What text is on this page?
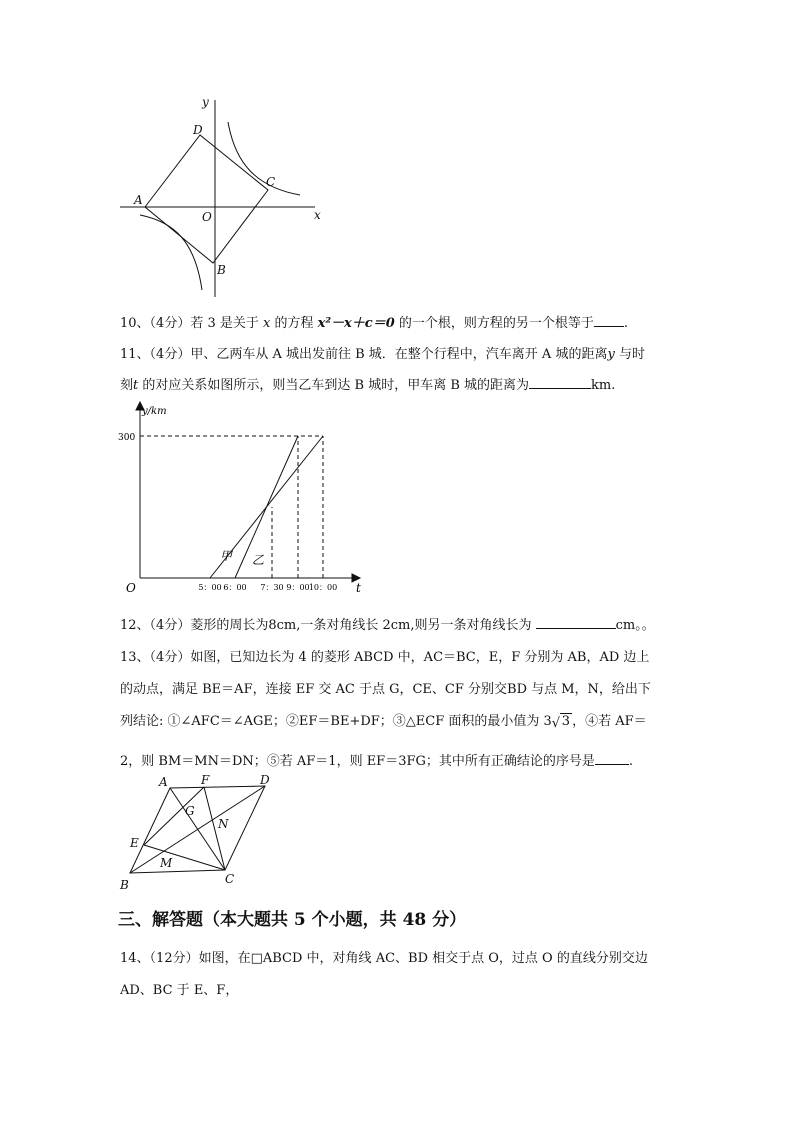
y
x
O
A
B
C
D
10、（4分）若 3 是关于 x 的方程 x²－x＋c＝0 的一个根，则方程的另一个根等于 .
11、（4分）甲、乙两车从 A 城出发前往 B 城．在整个行程中，汽车离开 A 城的距离y 与时
刻t 的对应关系如图所示，则当乙车到达 B 城时，甲车离 B 城的距离为	km.
5：00 6：00 7：30 9：00 10：00
y/km
t
O
300
甲 乙
12、（4分）菱形的周长为8cm,一条对角线长 2cm,则另一条对角线长为	cm。。
13、（4分）如图，已知边长为 4 的菱形 ABCD 中，AC＝BC，E，F 分别为 AB，AD 边上
的动点，满足 BE＝AF，连接 EF 交 AC 于点 G，CE、CF 分别交BD 与点 M，N，给出下
列结论: ①∠AFC＝∠AGE；②EF＝BE+DF；③△ECF 面积的最小值为 3 √ 3 ，④若 AF＝
2，则 BM＝MN＝DN；⑤若 AF＝1，则 EF＝3FG；其中所有正确结论的序号是	.
A	F	D
G
N
E
M
B	C
三、解答题（本大题共 5 个小题，共 48 分）
14、（12分）如图，在□ABCD 中，对角线 AC、BD 相交于点 O，过点 O 的直线分别交边
AD、BC 于 E、F，
